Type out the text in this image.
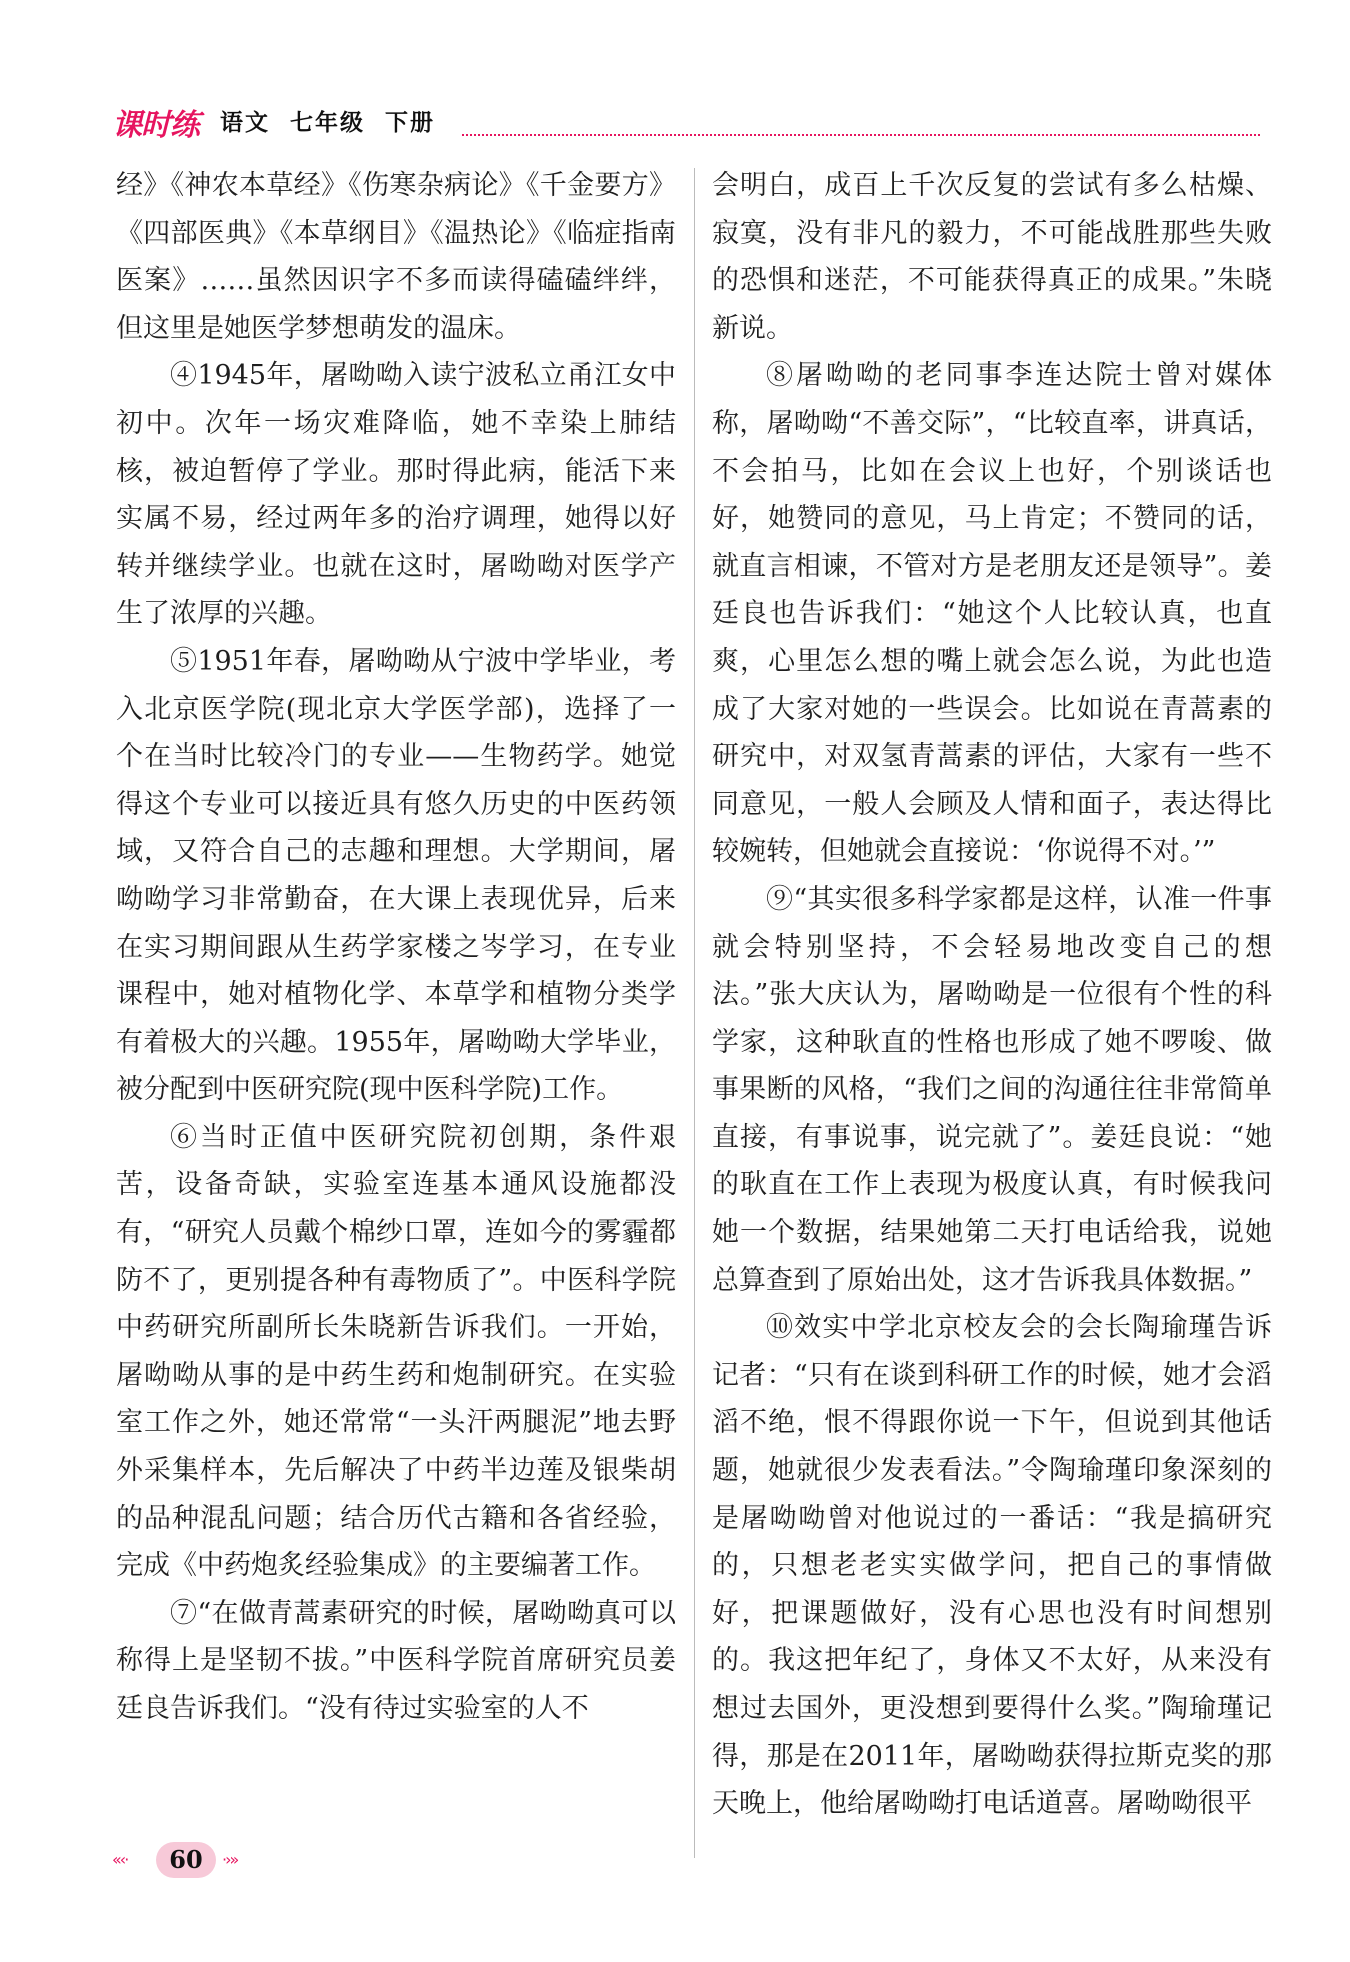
课时练 语文 七年级 下册

经》《神农本草经》《伤寒杂病论》《千金要方》《四部医典》《本草纲目》《温热论》《临症指南医案》……虽然因识字不多而读得磕磕绊绊，但这里是她医学梦想萌发的温床。

④1945年，屠呦呦入读宁波私立甬江女中初中。次年一场灾难降临，她不幸染上肺结核，被迫暂停了学业。那时得此病，能活下来实属不易，经过两年多的治疗调理，她得以好转并继续学业。也就在这时，屠呦呦对医学产生了浓厚的兴趣。

⑤1951年春，屠呦呦从宁波中学毕业，考入北京医学院(现北京大学医学部)，选择了一个在当时比较冷门的专业——生物药学。她觉得这个专业可以接近具有悠久历史的中医药领域，又符合自己的志趣和理想。大学期间，屠呦呦学习非常勤奋，在大课上表现优异，后来在实习期间跟从生药学家楼之岑学习，在专业课程中，她对植物化学、本草学和植物分类学有着极大的兴趣。1955年，屠呦呦大学毕业，被分配到中医研究院(现中医科学院)工作。

⑥当时正值中医研究院初创期，条件艰苦，设备奇缺，实验室连基本通风设施都没有，“研究人员戴个棉纱口罩，连如今的雾霾都防不了，更别提各种有毒物质了”。中医科学院中药研究所副所长朱晓新告诉我们。一开始，屠呦呦从事的是中药生药和炮制研究。在实验室工作之外，她还常常“一头汗两腿泥”地去野外采集样本，先后解决了中药半边莲及银柴胡的品种混乱问题；结合历代古籍和各省经验，完成《中药炮炙经验集成》的主要编著工作。

⑦“在做青蒿素研究的时候，屠呦呦真可以称得上是坚韧不拔。”中医科学院首席研究员姜廷良告诉我们。“没有待过实验室的人不

会明白，成百上千次反复的尝试有多么枯燥、寂寞，没有非凡的毅力，不可能战胜那些失败的恐惧和迷茫，不可能获得真正的成果。”朱晓新说。

⑧屠呦呦的老同事李连达院士曾对媒体称，屠呦呦“不善交际”，“比较直率，讲真话，不会拍马，比如在会议上也好，个别谈话也好，她赞同的意见，马上肯定；不赞同的话，就直言相谏，不管对方是老朋友还是领导”。姜廷良也告诉我们：“她这个人比较认真，也直爽，心里怎么想的嘴上就会怎么说，为此也造成了大家对她的一些误会。比如说在青蒿素的研究中，对双氢青蒿素的评估，大家有一些不同意见，一般人会顾及人情和面子，表达得比较婉转，但她就会直接说：‘你说得不对。’”

⑨“其实很多科学家都是这样，认准一件事就会特别坚持，不会轻易地改变自己的想法。”张大庆认为，屠呦呦是一位很有个性的科学家，这种耿直的性格也形成了她不啰唆、做事果断的风格，“我们之间的沟通往往非常简单直接，有事说事，说完就了”。姜廷良说：“她的耿直在工作上表现为极度认真，有时候我问她一个数据，结果她第二天打电话给我，说她总算查到了原始出处，这才告诉我具体数据。”

⑩效实中学北京校友会的会长陶瑜瑾告诉记者：“只有在谈到科研工作的时候，她才会滔滔不绝，恨不得跟你说一下午，但说到其他话题，她就很少发表看法。”令陶瑜瑾印象深刻的是屠呦呦曾对他说过的一番话：“我是搞研究的，只想老老实实做学问，把自己的事情做好，把课题做好，没有心思也没有时间想别的。我这把年纪了，身体又不太好，从来没有想过去国外，更没想到要得什么奖。”陶瑜瑾记得，那是在2011年，屠呦呦获得拉斯克奖的那天晚上，他给屠呦呦打电话道喜。屠呦呦很平

«‹·	60	·›»
